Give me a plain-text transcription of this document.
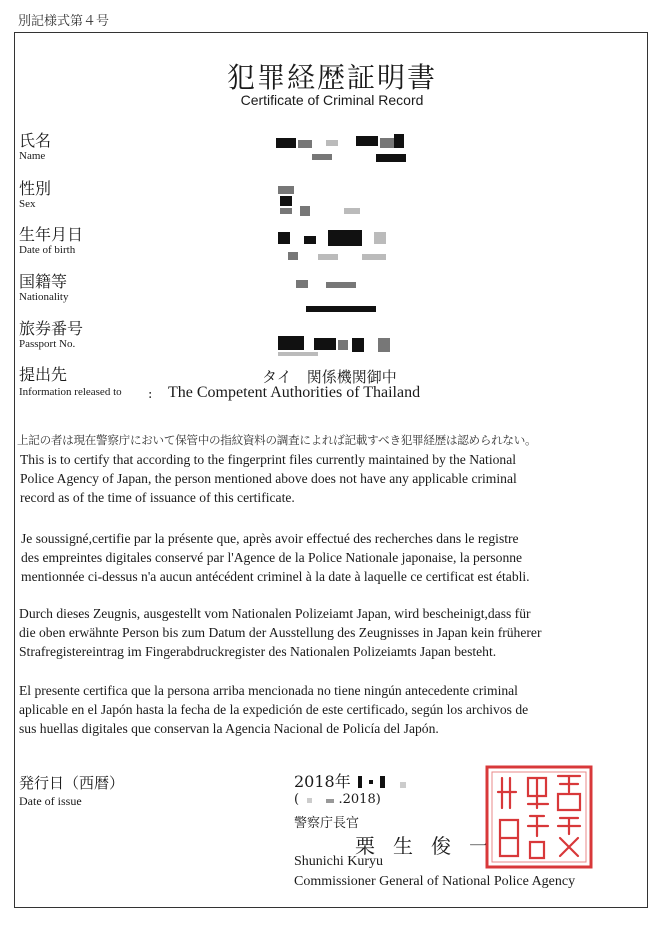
別記様式第４号
犯罪経歴証明書
Certificate of Criminal Record
氏名
Name
性別
Sex
生年月日
Date of birth
国籍等
Nationality
旅券番号
Passport No.
提出先
Information released to
タイ　関係機関御中
: The Competent Authorities of Thailand
上記の者は現在警察庁において保管中の指紋資料の調査によれば記載すべき犯罪経歴は認められない。
This is to certify that according to the fingerprint files currently maintained by the National
Police Agency of Japan, the person mentioned above does not have any applicable criminal
record as of the time of issuance of this certificate.
Je soussigné,certifie par la présente que, après avoir effectué des recherches dans le registre
des empreintes digitales conservé par l'Agence de la Police Nationale japonaise, la personne
mentionnée ci-dessus n'a aucun antécédent criminel à la date à laquelle ce certificat est établi.
Durch dieses Zeugnis, ausgestellt vom Nationalen Polizeiamt Japan, wird bescheinigt,dass für
die oben erwähnte Person bis zum Datum der Ausstellung des Zeugnisses in Japan kein früherer
Strafregistereintrag im Fingerabdruckregister des Nationalen Polizeiamts Japan besteht.
El presente certifica que la persona arriba mencionada no tiene ningún antecedente criminal
aplicable en el Japón hasta la fecha de la expedición de este certificado, según los archivos de
sus huellas digitales que conservan la Agencia Nacional de Policía del Japón.
発行日（西暦）
Date of issue
2018年
(	.2018)
警察庁長官
栗生俊一
Shunichi Kuryu
Commissioner General of National Police Agency
